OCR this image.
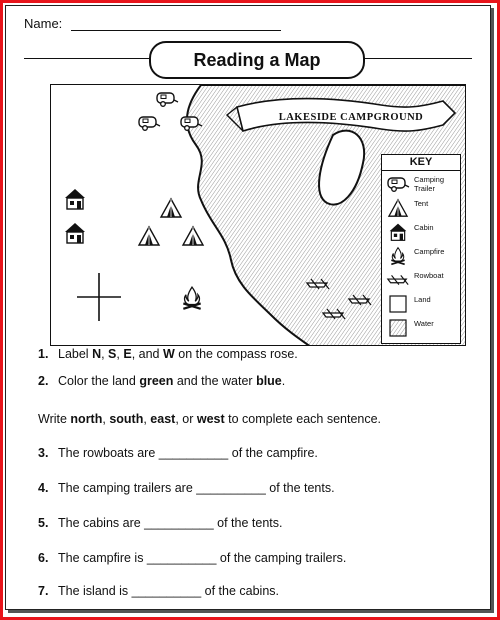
Name:
Reading a Map
LAKESIDE CAMPGROUND
KEY
Camping Trailer
Tent
Cabin
Campfire
Rowboat
Land
Water
1. Label N, S, E, and W on the compass rose.
2. Color the land green and the water blue.
Write north, south, east, or west to complete each sentence.
3. The rowboats are __________ of the campfire.
4. The camping trailers are __________ of the tents.
5. The cabins are __________ of the tents.
6. The campfire is __________ of the camping trailers.
7. The island is __________ of the cabins.
